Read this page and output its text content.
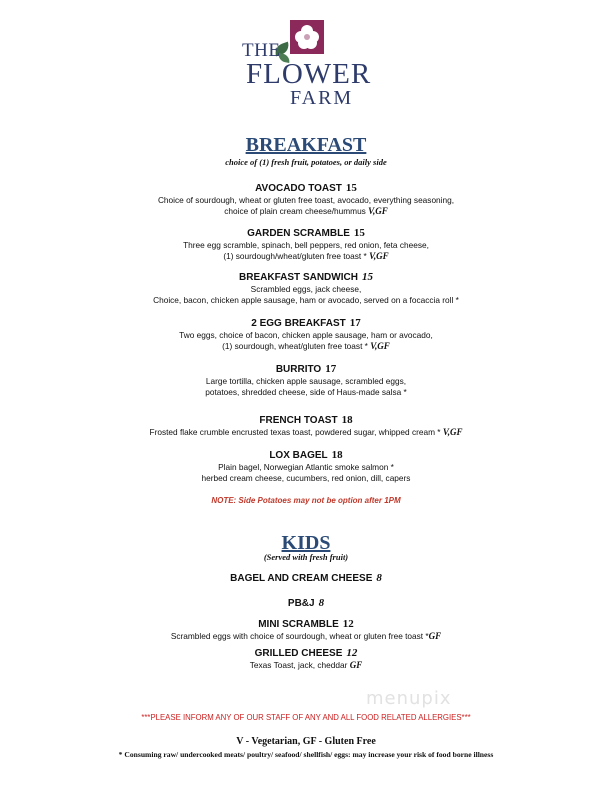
THE
FLOWER
FARM
BREAKFAST
choice of (1) fresh fruit, potatoes, or daily side
AVOCADO TOAST 15
Choice of sourdough, wheat or gluten free toast, avocado, everything seasoning,
choice of plain cream cheese/hummus V,GF
GARDEN SCRAMBLE 15
Three egg scramble, spinach, bell peppers, red onion, feta cheese,
(1) sourdough/wheat/gluten free toast * V,GF
BREAKFAST SANDWICH 15
Scrambled eggs, jack cheese,
Choice, bacon, chicken apple sausage, ham or avocado, served on a focaccia roll *
2 EGG BREAKFAST 17
Two eggs, choice of bacon, chicken apple sausage, ham or avocado,
(1) sourdough, wheat/gluten free toast * V,GF
BURRITO 17
Large tortilla, chicken apple sausage, scrambled eggs,
potatoes, shredded cheese, side of Haus-made salsa *
FRENCH TOAST 18
Frosted flake crumble encrusted texas toast, powdered sugar, whipped cream * V,GF
LOX BAGEL 18
Plain bagel, Norwegian Atlantic smoke salmon *
herbed cream cheese, cucumbers, red onion, dill, capers
NOTE: Side Potatoes may not be option after 1PM
KIDS
(Served with fresh fruit)
BAGEL AND CREAM CHEESE 8
PB&J 8
MINI SCRAMBLE 12
Scrambled eggs with choice of sourdough, wheat or gluten free toast *GF
GRILLED CHEESE 12
Texas Toast, jack, cheddar GF
menupix
***PLEASE INFORM ANY OF OUR STAFF OF ANY AND ALL FOOD RELATED ALLERGIES***
V - Vegetarian, GF - Gluten Free
* Consuming raw/ undercooked meats/ poultry/ seafood/ shellfish/ eggs: may increase your risk of food borne illness
